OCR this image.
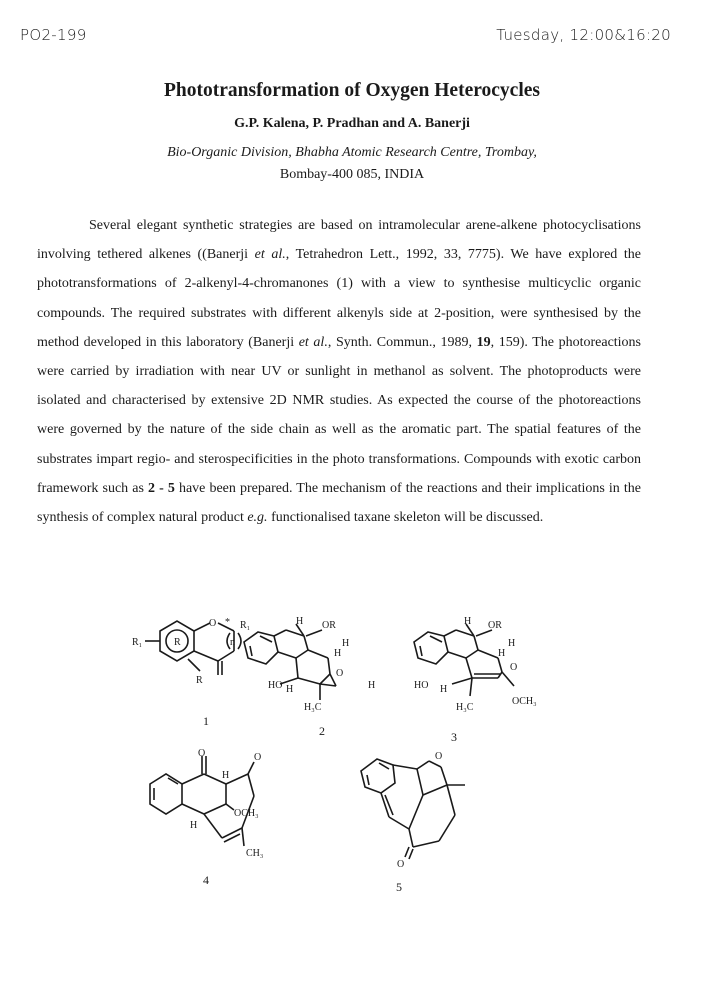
PO2-199	Tuesday, 12:00&16:20
Phototransformation of Oxygen Heterocycles
G.P. Kalena, P. Pradhan and A. Banerji
Bio-Organic Division, Bhabha Atomic Research Centre, Trombay,
Bombay-400 085, INDIA

Several elegant synthetic strategies are based on intramolecular arene-alkene photocyclisations involving tethered alkenes ((Banerji et al., Tetrahedron Lett., 1992, 33, 7775). We have explored the phototransformations of 2-alkenyl-4-chromanones (1) with a view to synthesise multicyclic organic compounds. The required substrates with different alkenyls side at 2-position, were synthesised by the method developed in this laboratory (Banerji et al., Synth. Commun., 1989, 19, 159). The photoreactions were carried by irradiation with near UV or sunlight in methanol as solvent. The photoproducts were isolated and characterised by extensive 2D NMR studies. As expected the course of the photoreactions were governed by the nature of the side chain as well as the aromatic part. The spatial features of the substrates impart regio- and sterospecificities in the photo transformations. Compounds with exotic carbon framework such as 2 - 5 have been prepared. The mechanism of the reactions and their implications in the synthesis of complex natural product e.g. functionalised taxane skeleton will be discussed.

R₁	R
R
O * R₁
n
1
H OR
H
H
O
HO H	H
H₃C
2
H OR
H
H
O
HO H
H₃C
OCH₃
3
O
H
O
OCH₃
H
CH₃
4
O
O
5
